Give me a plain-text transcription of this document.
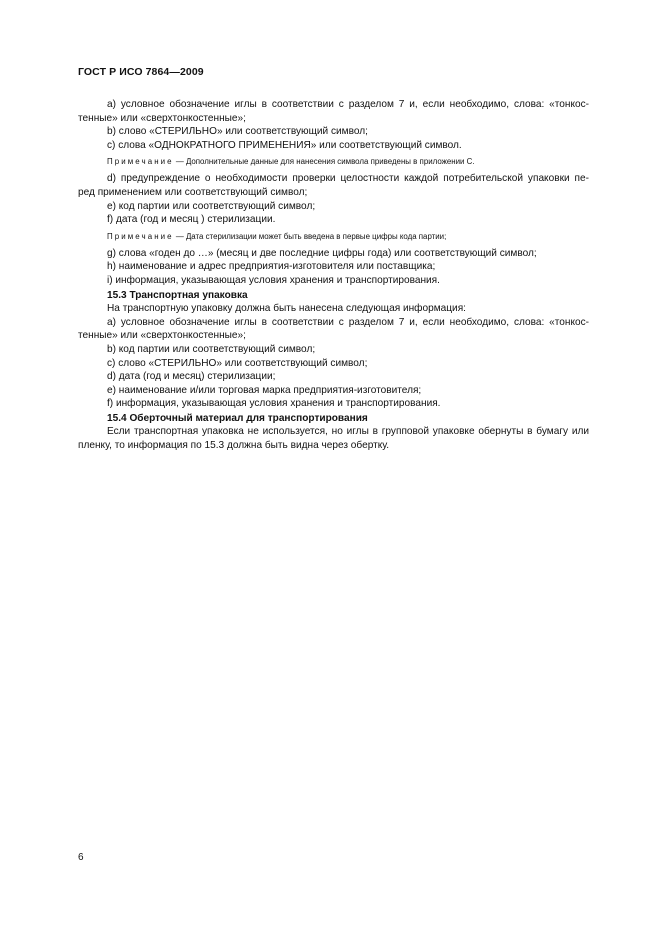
ГОСТ Р ИСО 7864—2009

a) условное обозначение иглы в соответствии с разделом 7 и, если необходимо, слова: «тонкос-

тенные» или «сверхтонкостенные»;

b) слово «СТЕРИЛЬНО» или соответствующий символ;

c) слова «ОДНОКРАТНОГО ПРИМЕНЕНИЯ» или соответствующий символ.

Примечание — Дополнительные данные для нанесения символа приведены в приложении С.

d) предупреждение о необходимости проверки целостности каждой потребительской упаковки пе-

ред применением или соответствующий символ;

e) код партии или соответствующий символ;

f) дата (год и месяц ) стерилизации.

Примечание — Дата стерилизации может быть введена в первые цифры кода партии;

g) слова «годен до …» (месяц и две последние цифры года) или соответствующий символ;

h) наименование и адрес предприятия-изготовителя или поставщика;

i) информация, указывающая условия хранения и транспортирования.

15.3 Транспортная упаковка

На транспортную упаковку должна быть нанесена следующая информация:

a) условное обозначение иглы в соответствии с разделом 7 и, если необходимо, слова: «тонкос-

тенные» или «сверхтонкостенные»;

b) код партии или соответствующий символ;

c) слово «СТЕРИЛЬНО» или соответствующий символ;

d) дата (год и месяц) стерилизации;

e) наименование и/или торговая марка предприятия-изготовителя;

f) информация, указывающая условия хранения и транспортирования.

15.4 Оберточный материал для транспортирования

Если транспортная упаковка не используется, но иглы в групповой упаковке обернуты в бумагу или

пленку, то информация по 15.3 должна быть видна через обертку.

6
